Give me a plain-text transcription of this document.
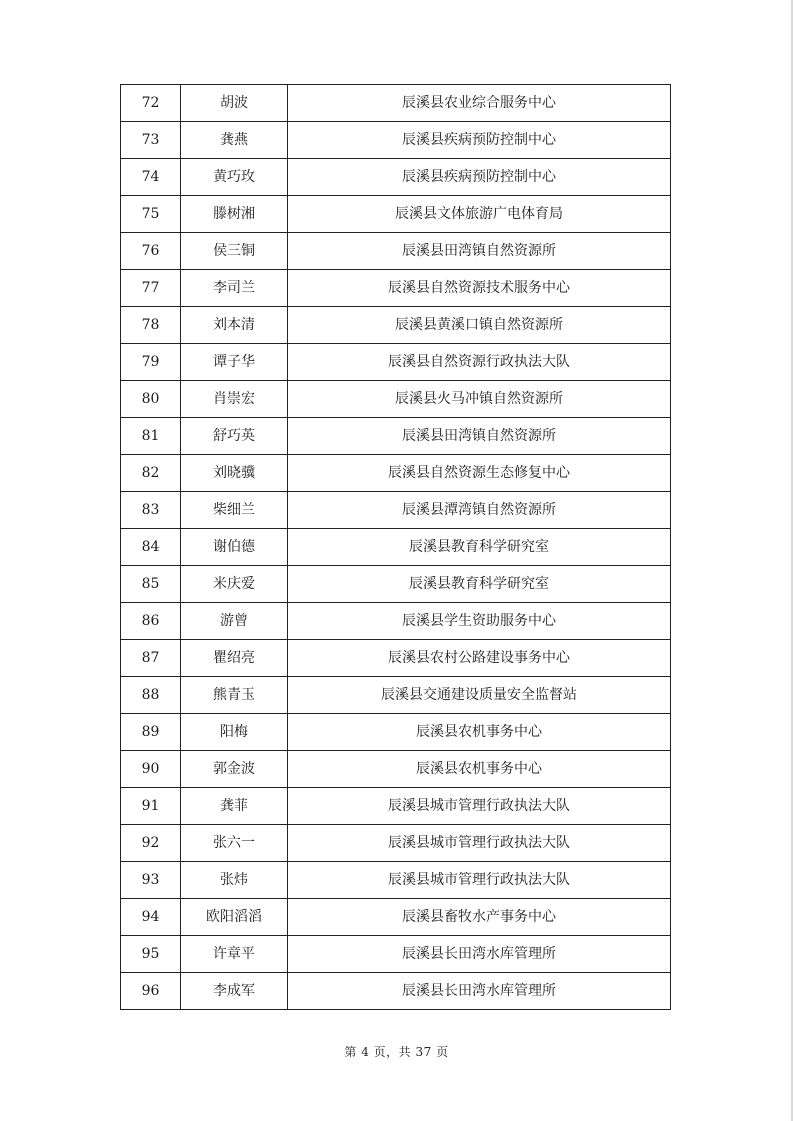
72	胡波	辰溪县农业综合服务中心
73	龚燕	辰溪县疾病预防控制中心
74	黄巧玫	辰溪县疾病预防控制中心
75	滕树湘	辰溪县文体旅游广电体育局
76	侯三铜	辰溪县田湾镇自然资源所
77	李司兰	辰溪县自然资源技术服务中心
78	刘本清	辰溪县黄溪口镇自然资源所
79	谭子华	辰溪县自然资源行政执法大队
80	肖崇宏	辰溪县火马冲镇自然资源所
81	舒巧英	辰溪县田湾镇自然资源所
82	刘晓骥	辰溪县自然资源生态修复中心
83	柴细兰	辰溪县潭湾镇自然资源所
84	谢伯德	辰溪县教育科学研究室
85	米庆爱	辰溪县教育科学研究室
86	游曾	辰溪县学生资助服务中心
87	瞿绍亮	辰溪县农村公路建设事务中心
88	熊青玉	辰溪县交通建设质量安全监督站
89	阳梅	辰溪县农机事务中心
90	郭金波	辰溪县农机事务中心
91	龚菲	辰溪县城市管理行政执法大队
92	张六一	辰溪县城市管理行政执法大队
93	张炜	辰溪县城市管理行政执法大队
94	欧阳滔滔	辰溪县畜牧水产事务中心
95	许章平	辰溪县长田湾水库管理所
96	李成军	辰溪县长田湾水库管理所
第 4 页，共 37 页
